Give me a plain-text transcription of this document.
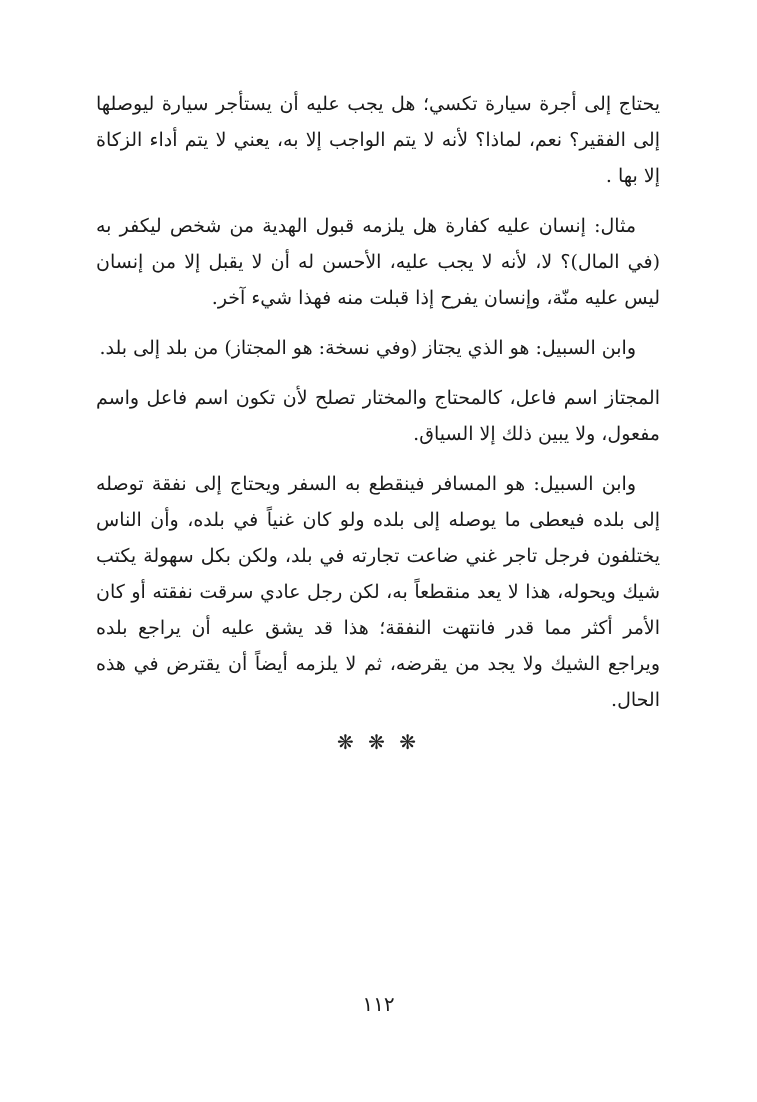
يحتاج إلى أجرة سيارة تكسي؛ هل يجب عليه أن يستأجر سيارة ليوصلها إلى الفقير؟ نعم، لماذا؟ لأنه لا يتم الواجب إلا به، يعني لا يتم أداء الزكاة إلا بها .

مثال: إنسان عليه كفارة هل يلزمه قبول الهدية من شخص ليكفر به (في المال)؟ لا، لأنه لا يجب عليه، الأحسن له أن لا يقبل إلا من إنسان ليس عليه منّة، وإنسان يفرح إذا قبلت منه فهذا شيء آخر.

وابن السبيل: هو الذي يجتاز (وفي نسخة: هو المجتاز) من بلد إلى بلد.

المجتاز اسم فاعل، كالمحتاج والمختار تصلح لأن تكون اسم فاعل واسم مفعول، ولا يبين ذلك إلا السياق.

وابن السبيل: هو المسافر فينقطع به السفر ويحتاج إلى نفقة توصله إلى بلده فيعطى ما يوصله إلى بلده ولو كان غنياً في بلده، وأن الناس يختلفون فرجل تاجر غني ضاعت تجارته في بلد، ولكن بكل سهولة يكتب شيك ويحوله، هذا لا يعد منقطعاً به، لكن رجل عادي سرقت نفقته أو كان الأمر أكثر مما قدر فانتهت النفقة؛ هذا قد يشق عليه أن يراجع بلده ويراجع الشيك ولا يجد من يقرضه، ثم لا يلزمه أيضاً أن يقترض في هذه الحال.

❋ ❋ ❋
١١٢
